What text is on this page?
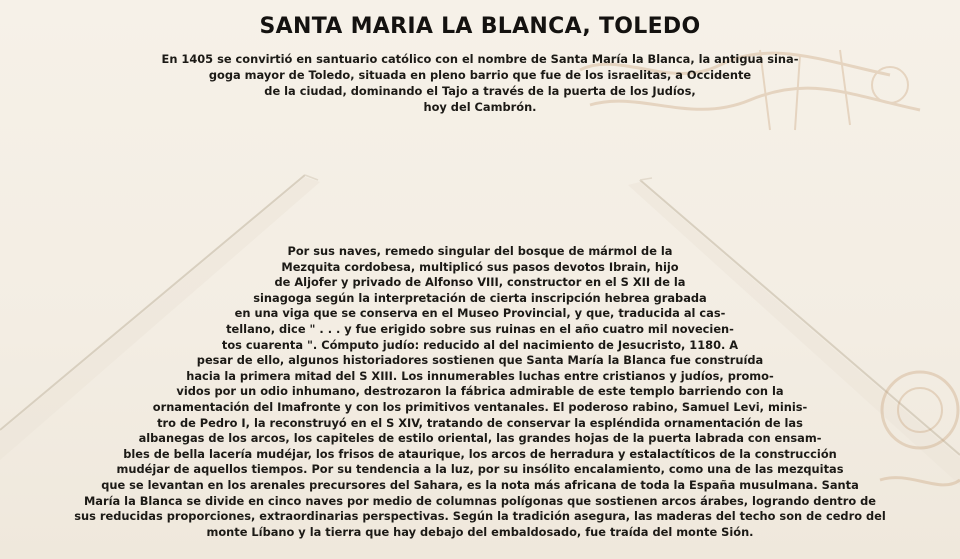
SANTA MARIA LA BLANCA, TOLEDO

En 1405 se convirtió en santuario católico con el nombre de Santa María la Blanca, la antigua sina-
goga mayor de Toledo, situada en pleno barrio que fue de los israelitas, a Occidente
de la ciudad, dominando el Tajo a través de la puerta de los Judíos,
hoy del Cambrón.

Por sus naves, remedo singular del bosque de mármol de la
Mezquita cordobesa, multiplicó sus pasos devotos Ibrain, hijo
de Aljofer y privado de Alfonso VIII, constructor en el S XII de la
sinagoga según la interpretación de cierta inscripción hebrea grabada
en una viga que se conserva en el Museo Provincial, y que, traducida al cas-
tellano, dice " . . . y fue erigido sobre sus ruinas en el año cuatro mil novecien-
tos cuarenta ". Cómputo judío: reducido al del nacimiento de Jesucristo, 1180. A
pesar de ello, algunos historiadores sostienen que Santa María la Blanca fue construída
hacia la primera mitad del S XIII. Los innumerables luchas entre cristianos y judíos, promo-
vidos por un odio inhumano, destrozaron la fábrica admirable de este templo barriendo con la
ornamentación del Imafronte y con los primitivos ventanales. El poderoso rabino, Samuel Levi, minis-
tro de Pedro I, la reconstruyó en el S XIV, tratando de conservar la espléndida ornamentación de las
albanegas de los arcos, los capiteles de estilo oriental, las grandes hojas de la puerta labrada con ensam-
bles de bella lacería mudéjar, los frisos de ataurique, los arcos de herradura y estalactíticos de la construcción
mudéjar de aquellos tiempos. Por su tendencia a la luz, por su insólito encalamiento, como una de las mezquitas
que se levantan en los arenales precursores del Sahara, es la nota más africana de toda la España musulmana. Santa
María la Blanca se divide en cinco naves por medio de columnas polígonas que sostienen arcos árabes, logrando dentro de
sus reducidas proporciones, extraordinarias perspectivas. Según la tradición asegura, las maderas del techo son de cedro del
monte Líbano y la tierra que hay debajo del embaldosado, fue traída del monte Sión.
